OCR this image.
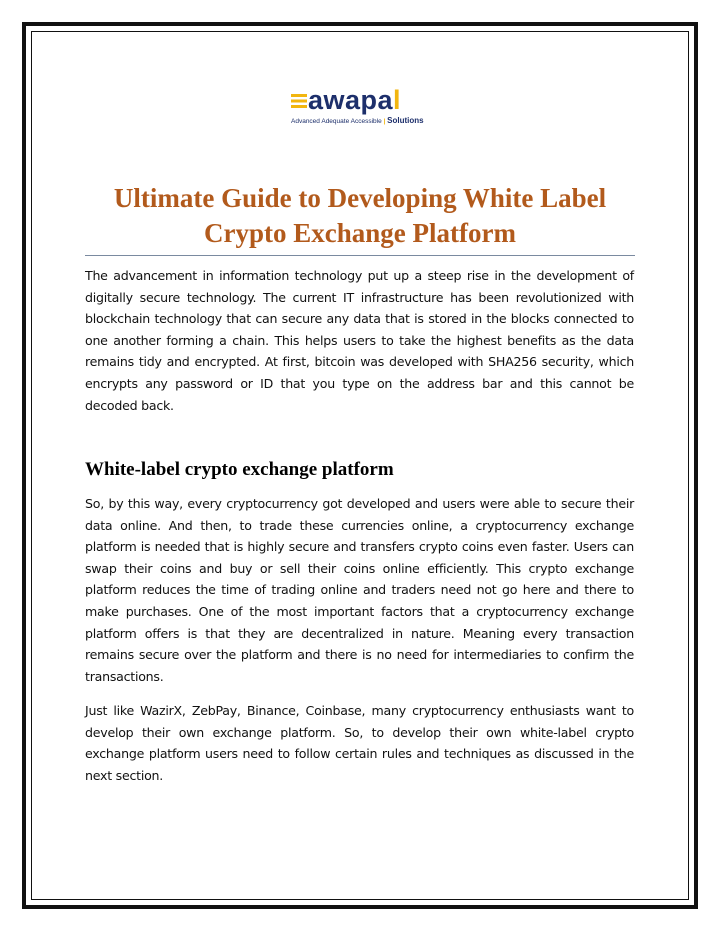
awapal
Advanced Adequate Accessible | Solutions
Ultimate Guide to Developing White Label Crypto Exchange Platform

The advancement in information technology put up a steep rise in the development of digitally secure technology. The current IT infrastructure has been revolutionized with blockchain technology that can secure any data that is stored in the blocks connected to one another forming a chain. This helps users to take the highest benefits as the data remains tidy and encrypted. At first, bitcoin was developed with SHA256 security, which encrypts any password or ID that you type on the address bar and this cannot be decoded back.

White-label crypto exchange platform

So, by this way, every cryptocurrency got developed and users were able to secure their data online. And then, to trade these currencies online, a cryptocurrency exchange platform is needed that is highly secure and transfers crypto coins even faster. Users can swap their coins and buy or sell their coins online efficiently. This crypto exchange platform reduces the time of trading online and traders need not go here and there to make purchases. One of the most important factors that a cryptocurrency exchange platform offers is that they are decentralized in nature. Meaning every transaction remains secure over the platform and there is no need for intermediaries to confirm the transactions.

Just like WazirX, ZebPay, Binance, Coinbase, many cryptocurrency enthusiasts want to develop their own exchange platform. So, to develop their own white-label crypto exchange platform users need to follow certain rules and techniques as discussed in the next section.
